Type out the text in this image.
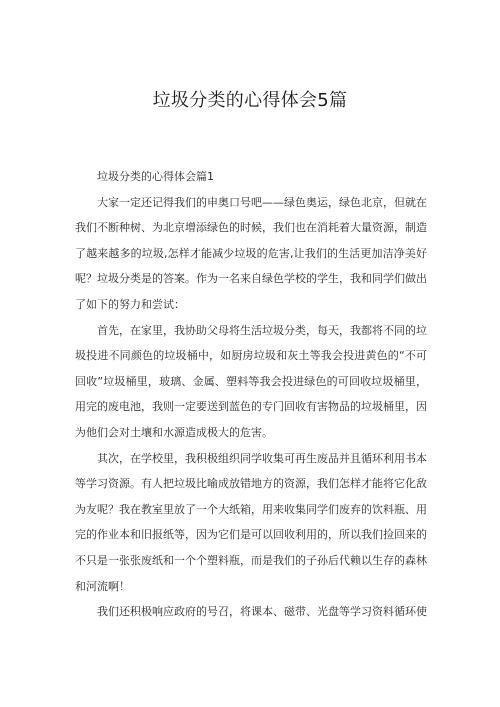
垃圾分类的心得体会5篇

垃圾分类的心得体会篇1

大家一定还记得我们的申奥口号吧——绿色奥运，绿色北京，但就在我们不断种树、为北京增添绿色的时候，我们也在消耗着大量资源，制造了越来越多的垃圾,怎样才能减少垃圾的危害,让我们的生活更加洁净美好呢？垃圾分类是的答案。作为一名来自绿色学校的学生，我和同学们做出了如下的努力和尝试：

首先，在家里，我协助父母将生活垃圾分类，每天，我都将不同的垃圾投进不同颜色的垃圾桶中，如厨房垃圾和灰土等我会投进黄色的“不可回收”垃圾桶里，玻璃、金属、塑料等我会投进绿色的可回收垃圾桶里，用完的废电池，我则一定要送到蓝色的专门回收有害物品的垃圾桶里，因为他们会对土壤和水源造成极大的危害。

其次，在学校里，我积极组织同学收集可再生废品并且循环利用书本等学习资源。有人把垃圾比喻成放错地方的资源，我们怎样才能将它化敌为友呢？我在教室里放了一个大纸箱，用来收集同学们废弃的饮料瓶、用完的作业本和旧报纸等，因为它们是可以回收利用的，所以我们捡回来的不只是一张张废纸和一个个塑料瓶，而是我们的子孙后代赖以生存的森林和河流啊！

我们还积极响应政府的号召，将课本、磁带、光盘等学习资料循环使
